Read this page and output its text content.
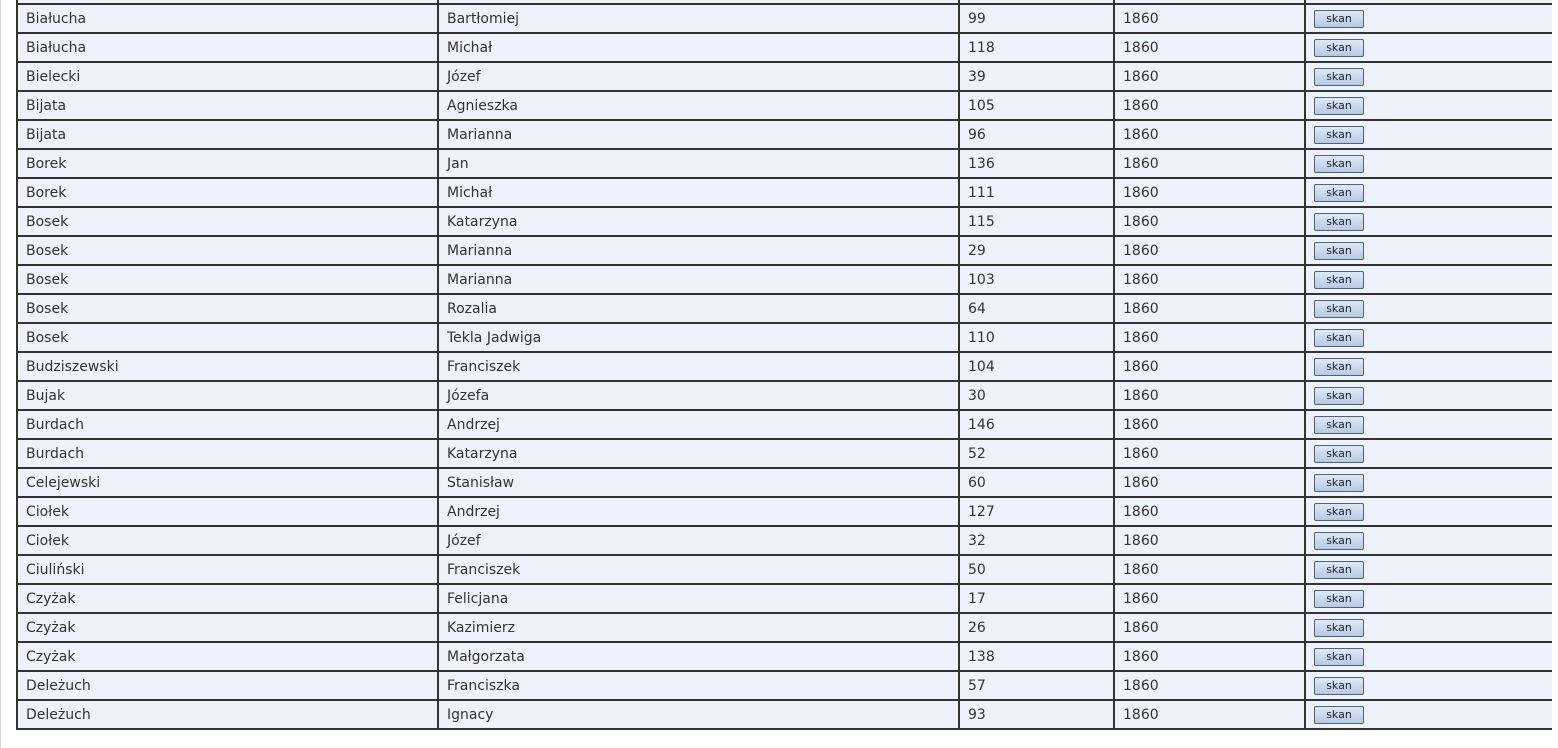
Białucha	Bartłomiej	99	1860	skan
Białucha	Michał	118	1860	skan
Bielecki	Józef	39	1860	skan
Bijata	Agnieszka	105	1860	skan
Bijata	Marianna	96	1860	skan
Borek	Jan	136	1860	skan
Borek	Michał	111	1860	skan
Bosek	Katarzyna	115	1860	skan
Bosek	Marianna	29	1860	skan
Bosek	Marianna	103	1860	skan
Bosek	Rozalia	64	1860	skan
Bosek	Tekla Jadwiga	110	1860	skan
Budziszewski	Franciszek	104	1860	skan
Bujak	Józefa	30	1860	skan
Burdach	Andrzej	146	1860	skan
Burdach	Katarzyna	52	1860	skan
Celejewski	Stanisław	60	1860	skan
Ciołek	Andrzej	127	1860	skan
Ciołek	Józef	32	1860	skan
Ciuliński	Franciszek	50	1860	skan
Czyżak	Felicjana	17	1860	skan
Czyżak	Kazimierz	26	1860	skan
Czyżak	Małgorzata	138	1860	skan
Deleżuch	Franciszka	57	1860	skan
Deleżuch	Ignacy	93	1860	skan
